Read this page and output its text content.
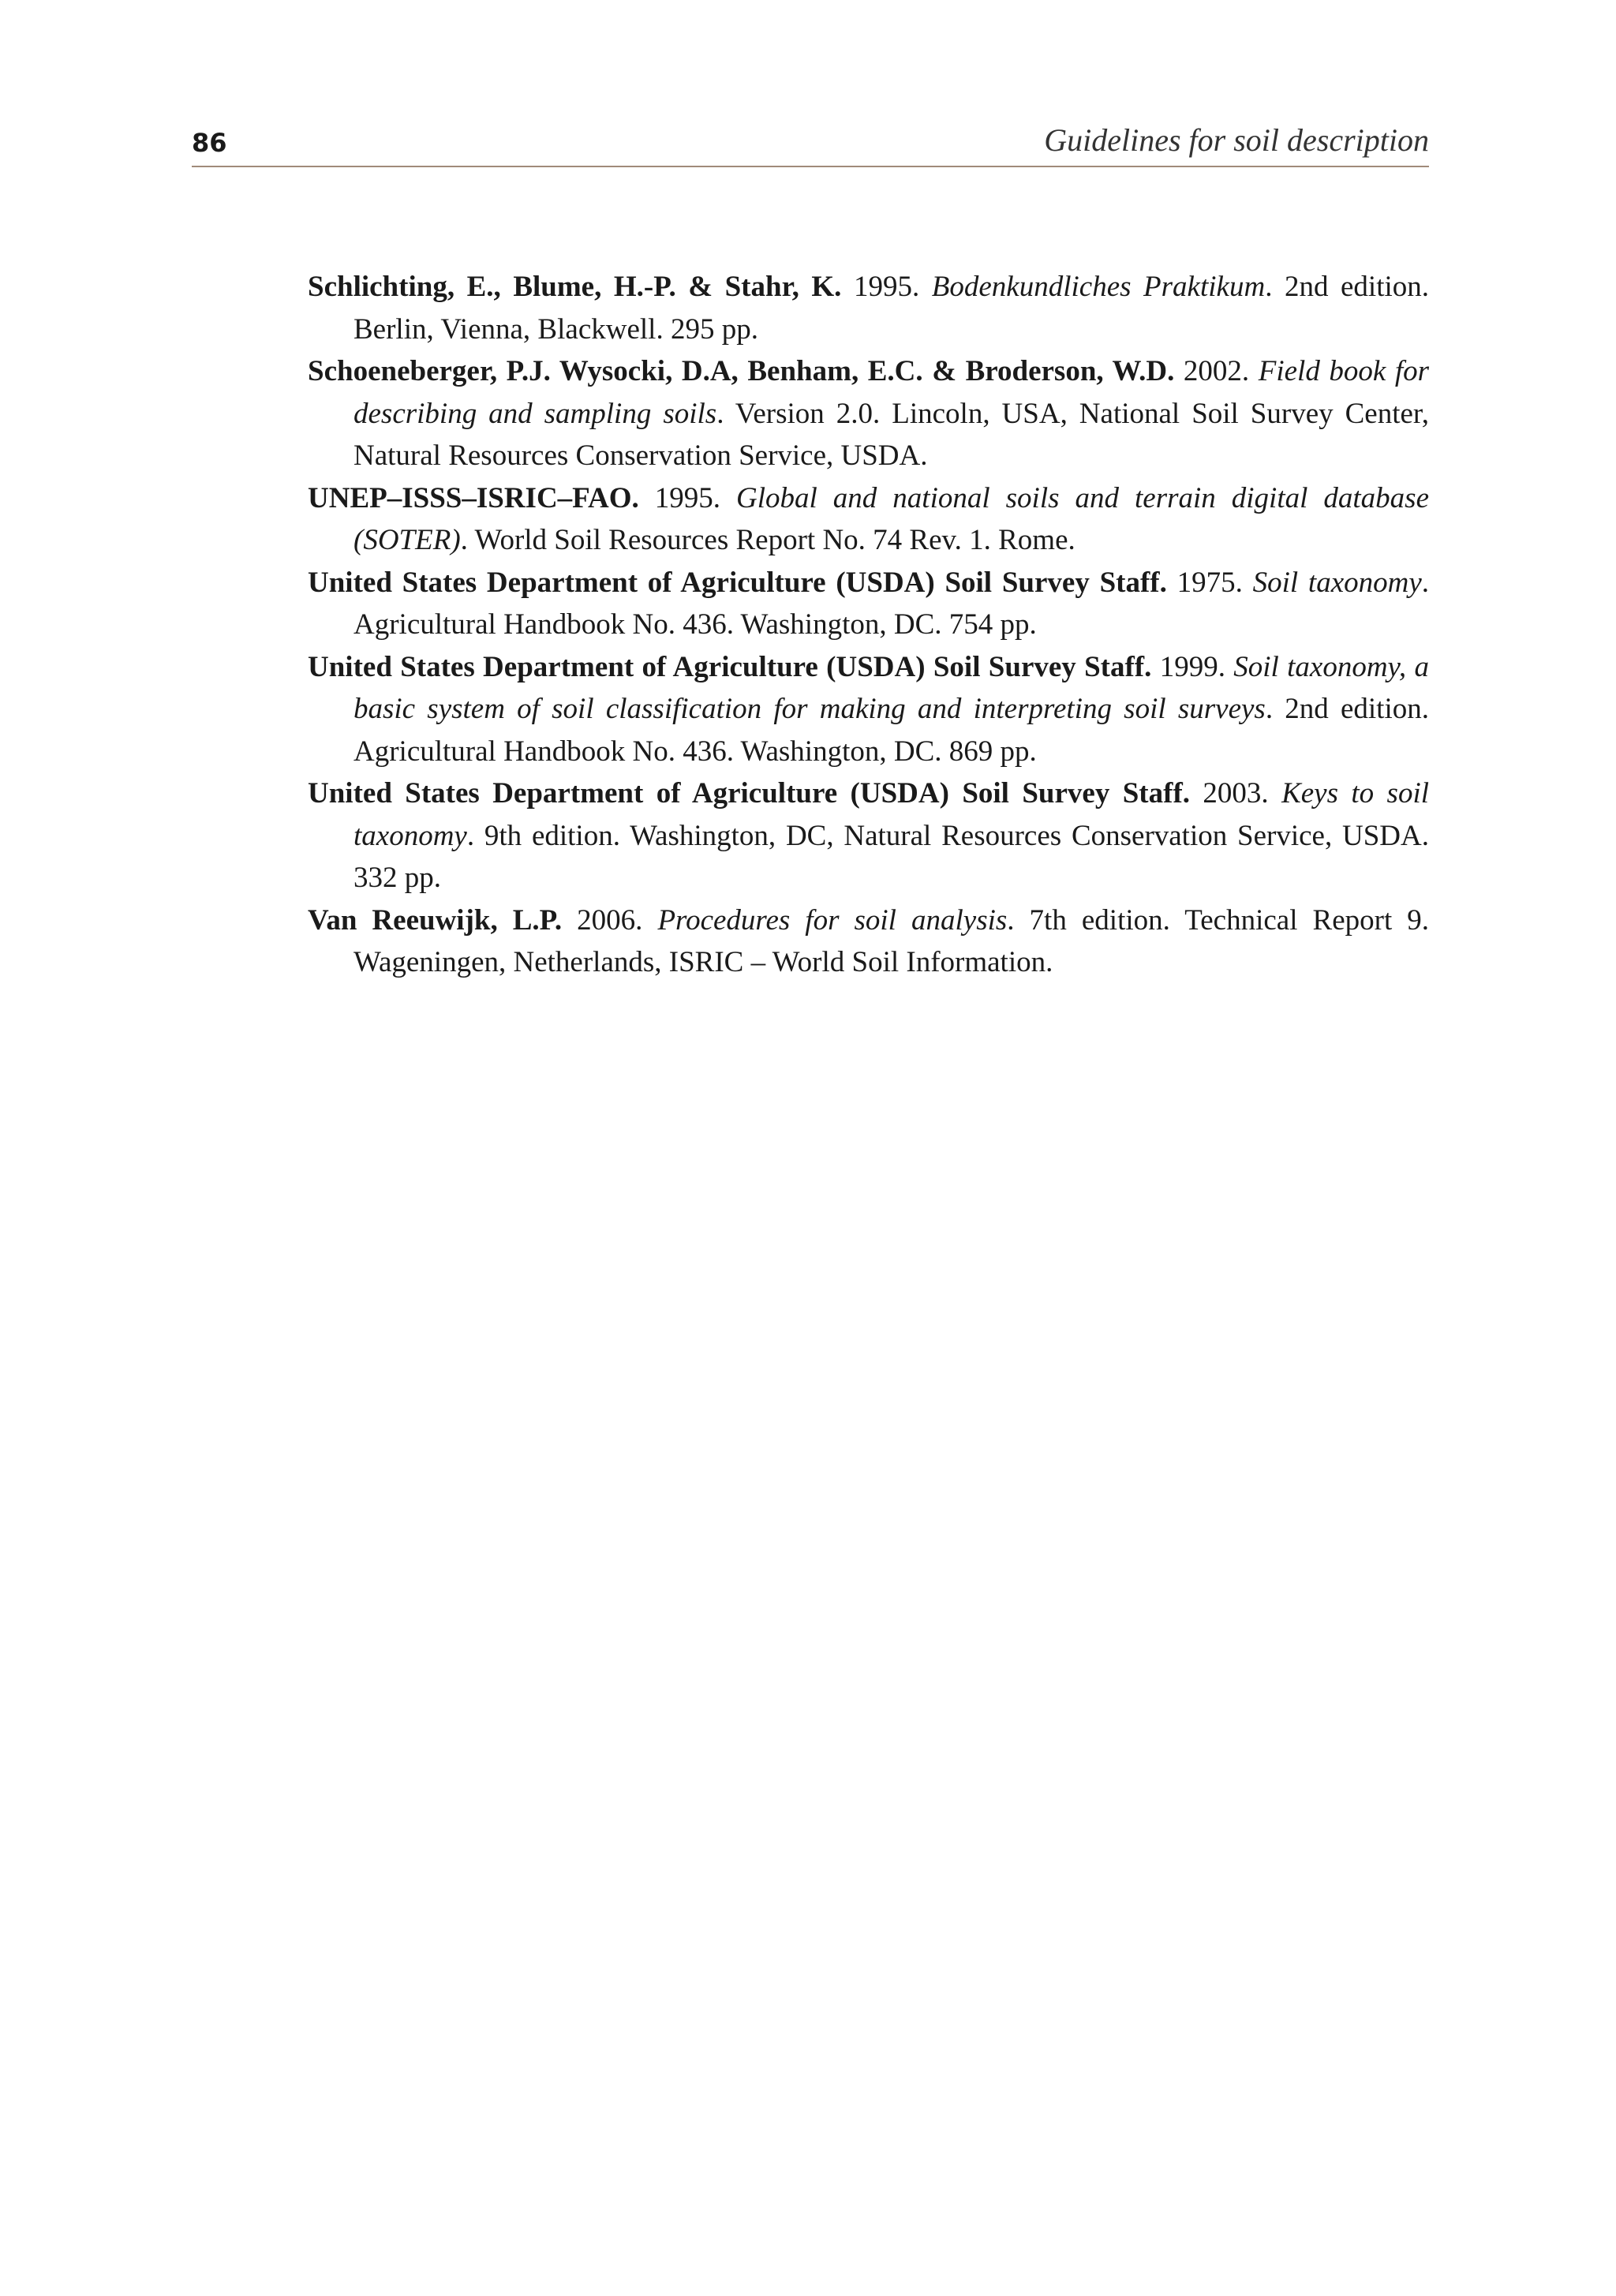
86	Guidelines for soil description

Schlichting, E., Blume, H.-P. & Stahr, K. 1995. Bodenkundliches Praktikum. 2nd edition. Berlin, Vienna, Blackwell. 295 pp.

Schoeneberger, P.J. Wysocki, D.A, Benham, E.C. & Broderson, W.D. 2002. Field book for describing and sampling soils. Version 2.0. Lincoln, USA, National Soil Survey Center, Natural Resources Conservation Service, USDA.

UNEP–ISSS–ISRIC–FAO. 1995. Global and national soils and terrain digital database (SOTER). World Soil Resources Report No. 74 Rev. 1. Rome.

United States Department of Agriculture (USDA) Soil Survey Staff. 1975. Soil taxonomy. Agricultural Handbook No. 436. Washington, DC. 754 pp.

United States Department of Agriculture (USDA) Soil Survey Staff. 1999. Soil taxonomy, a basic system of soil classification for making and interpreting soil surveys. 2nd edition. Agricultural Handbook No. 436. Washington, DC. 869 pp.

United States Department of Agriculture (USDA) Soil Survey Staff. 2003. Keys to soil taxonomy. 9th edition. Washington, DC, Natural Resources Conservation Service, USDA. 332 pp.

Van Reeuwijk, L.P. 2006. Procedures for soil analysis. 7th edition. Technical Report 9. Wageningen, Netherlands, ISRIC – World Soil Information.
